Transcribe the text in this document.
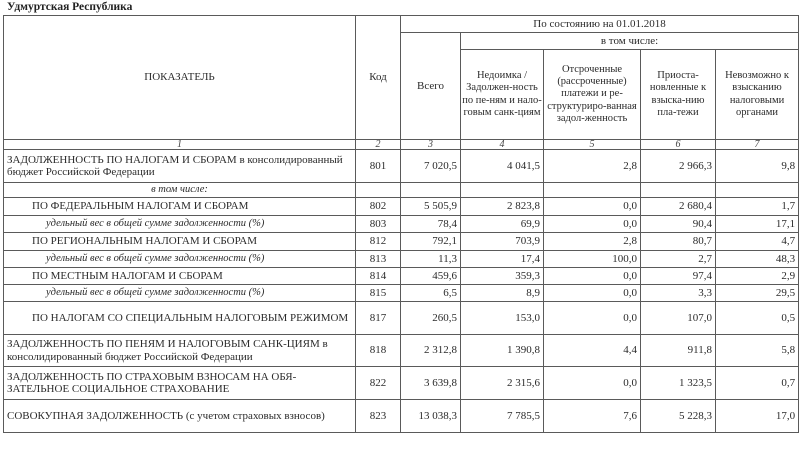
Удмуртская Республика
ПОКАЗАТЕЛЬ	Код	По состоянию на 01.01.2018				
		Всего	в том числе:			
			Недоимка / Задолжен-ность по пе-ням и нало-говым санк-циям	Отсроченные (рассроченные) платежи и ре-структуриро-ванная задол-женность	Приоста-новленные к взыска-нию пла-тежи	Невозможно к взысканию налоговыми органами
1	2	3	4	5	6	7
ЗАДОЛЖЕННОСТЬ ПО НАЛОГАМ И СБОРАМ в консолидированный бюджет Российской Федерации	801	7 020,5	4 041,5	2,8	2 966,3	9,8
в том числе:						
ПО ФЕДЕРАЛЬНЫМ НАЛОГАМ И СБОРАМ	802	5 505,9	2 823,8	0,0	2 680,4	1,7
удельный вес в общей сумме задолженности (%)	803	78,4	69,9	0,0	90,4	17,1
ПО РЕГИОНАЛЬНЫМ НАЛОГАМ И СБОРАМ	812	792,1	703,9	2,8	80,7	4,7
удельный вес в общей сумме задолженности (%)	813	11,3	17,4	100,0	2,7	48,3
ПО МЕСТНЫМ НАЛОГАМ И СБОРАМ	814	459,6	359,3	0,0	97,4	2,9
удельный вес в общей сумме задолженности (%)	815	6,5	8,9	0,0	3,3	29,5
ПО НАЛОГАМ СО СПЕЦИАЛЬНЫМ НАЛОГОВЫМ РЕЖИМОМ	817	260,5	153,0	0,0	107,0	0,5
ЗАДОЛЖЕННОСТЬ ПО ПЕНЯМ И НАЛОГОВЫМ САНК-ЦИЯМ в консолидированный бюджет Российской Федерации	818	2 312,8	1 390,8	4,4	911,8	5,8
ЗАДОЛЖЕННОСТЬ ПО СТРАХОВЫМ ВЗНОСАМ НА ОБЯ-ЗАТЕЛЬНОЕ СОЦИАЛЬНОЕ СТРАХОВАНИЕ	822	3 639,8	2 315,6	0,0	1 323,5	0,7
СОВОКУПНАЯ ЗАДОЛЖЕННОСТЬ (с учетом страховых взносов)	823	13 038,3	7 785,5	7,6	5 228,3	17,0
